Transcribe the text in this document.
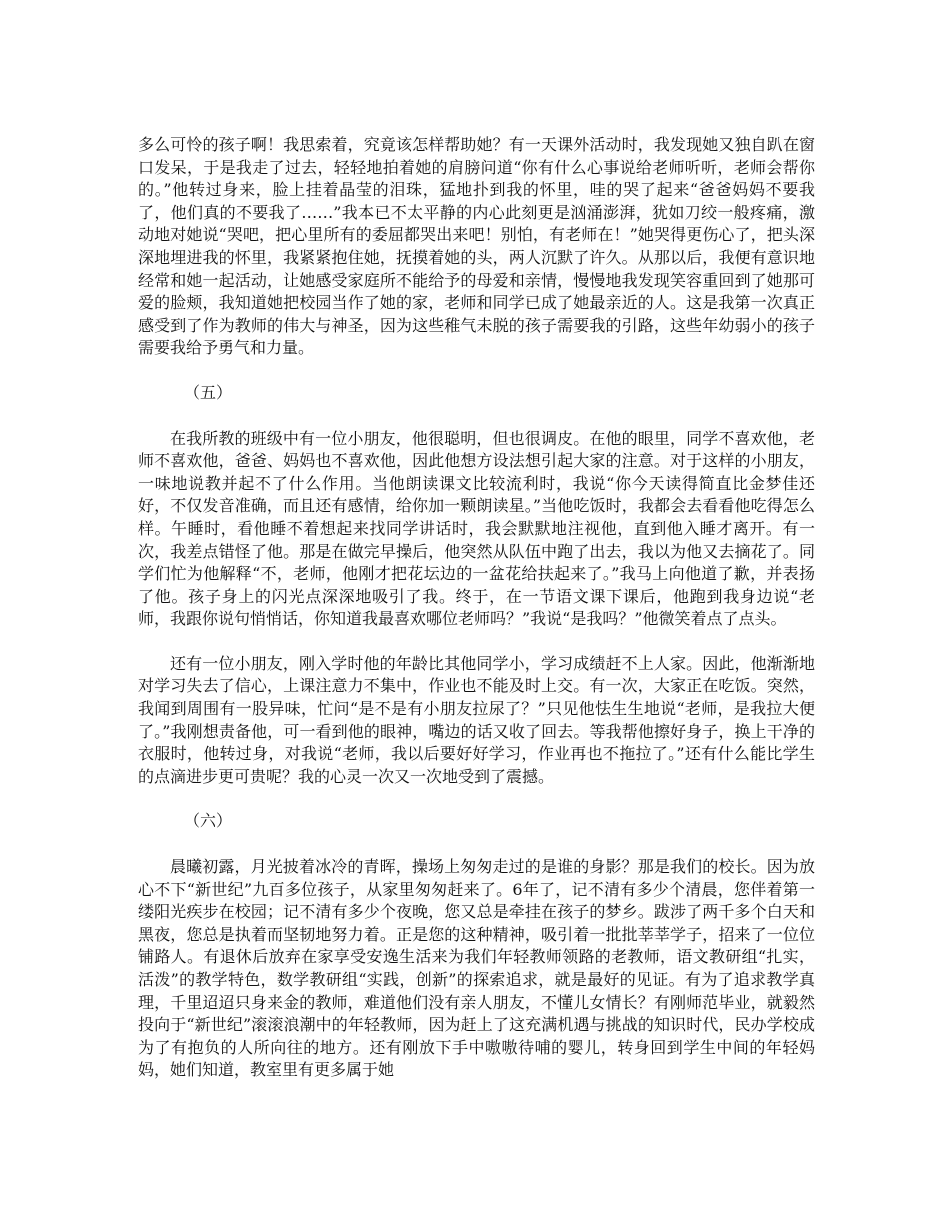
多么可怜的孩子啊！我思索着，究竟该怎样帮助她？有一天课外活动时，我发现她又独自趴在窗口发呆，于是我走了过去，轻轻地拍着她的肩膀问道“你有什么心事说给老师听听，老师会帮你的。”他转过身来，脸上挂着晶莹的泪珠，猛地扑到我的怀里，哇的哭了起来“爸爸妈妈不要我了，他们真的不要我了……”我本已不太平静的内心此刻更是汹涌澎湃，犹如刀绞一般疼痛，激动地对她说“哭吧，把心里所有的委屈都哭出来吧！别怕，有老师在！”她哭得更伤心了，把头深深地埋进我的怀里，我紧紧抱住她，抚摸着她的头，两人沉默了许久。从那以后，我便有意识地经常和她一起活动，让她感受家庭所不能给予的母爱和亲情，慢慢地我发现笑容重回到了她那可爱的脸颊，我知道她把校园当作了她的家，老师和同学已成了她最亲近的人。这是我第一次真正感受到了作为教师的伟大与神圣，因为这些稚气未脱的孩子需要我的引路，这些年幼弱小的孩子需要我给予勇气和力量。

（五）

在我所教的班级中有一位小朋友，他很聪明，但也很调皮。在他的眼里，同学不喜欢他，老师不喜欢他，爸爸、妈妈也不喜欢他，因此他想方设法想引起大家的注意。对于这样的小朋友，一味地说教并起不了什么作用。当他朗读课文比较流利时，我说“你今天读得简直比金梦佳还好，不仅发音准确，而且还有感情，给你加一颗朗读星。”当他吃饭时，我都会去看看他吃得怎么样。午睡时，看他睡不着想起来找同学讲话时，我会默默地注视他，直到他入睡才离开。有一次，我差点错怪了他。那是在做完早操后，他突然从队伍中跑了出去，我以为他又去摘花了。同学们忙为他解释“不，老师，他刚才把花坛边的一盆花给扶起来了。”我马上向他道了歉，并表扬了他。孩子身上的闪光点深深地吸引了我。终于，在一节语文课下课后，他跑到我身边说“老师，我跟你说句悄悄话，你知道我最喜欢哪位老师吗？”我说“是我吗？”他微笑着点了点头。

还有一位小朋友，刚入学时他的年龄比其他同学小，学习成绩赶不上人家。因此，他渐渐地对学习失去了信心，上课注意力不集中，作业也不能及时上交。有一次，大家正在吃饭。突然，我闻到周围有一股异味，忙问“是不是有小朋友拉尿了？”只见他怯生生地说“老师，是我拉大便了。”我刚想责备他，可一看到他的眼神，嘴边的话又收了回去。等我帮他擦好身子，换上干净的衣服时，他转过身，对我说“老师，我以后要好好学习，作业再也不拖拉了。”还有什么能比学生的点滴进步更可贵呢？我的心灵一次又一次地受到了震撼。

（六）

晨曦初露，月光披着冰冷的青晖，操场上匆匆走过的是谁的身影？那是我们的校长。因为放心不下“新世纪”九百多位孩子，从家里匆匆赶来了。6年了，记不清有多少个清晨，您伴着第一缕阳光疾步在校园；记不清有多少个夜晚，您又总是牵挂在孩子的梦乡。跋涉了两千多个白天和黑夜，您总是执着而坚韧地努力着。正是您的这种精神，吸引着一批批莘莘学子，招来了一位位铺路人。有退休后放弃在家享受安逸生活来为我们年轻教师领路的老教师，语文教研组“扎实，活泼”的教学特色，数学教研组“实践，创新”的探索追求，就是最好的见证。有为了追求教学真理，千里迢迢只身来金的教师，难道他们没有亲人朋友，不懂儿女情长？有刚师范毕业，就毅然投向于“新世纪”滚滚浪潮中的年轻教师，因为赶上了这充满机遇与挑战的知识时代，民办学校成为了有抱负的人所向往的地方。还有刚放下手中嗷嗷待哺的婴儿，转身回到学生中间的年轻妈妈，她们知道，教室里有更多属于她
